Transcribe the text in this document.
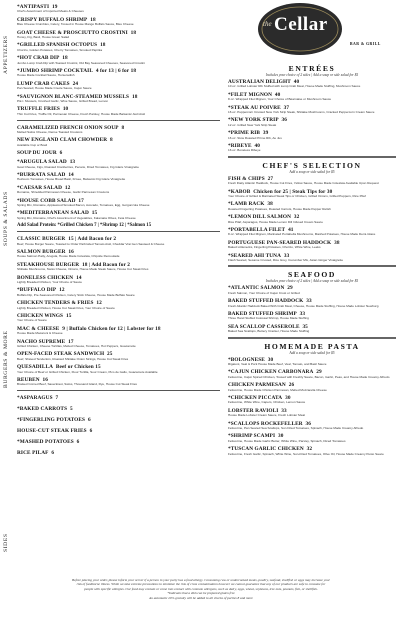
APPETIZERS
SOUPS & SALADS
BURGERS & MORE
SIDES
*ANTIPASTI 19
Chef's Assortment of Imported Meats & Cheeses
CRISPY BUFFALO SHRIMP 18
Bleu Cheese Crumbles, Celery, Tossed in House Mango Buffalo Sauce, Bleu Cheese
GOAT CHEESE & PROSCIUTTO CROSTINI 18
Honey, Fig, Basil, House Green Salad
*GRILLED SPANISH OCTOPUS 18
Chorizo, Golden Potatoes, Cherry Tomatoes, Smoked Paprika
*HOT CRAB DIP 18
Jumbo Lump Crab Dip with Toasted Crostini, Old Bay Seasoned Cheeses, Seasoned Crostini
*JUMBO SHRIMP COCKTAIL 4 for 13 | 6 for 18
House Made Cocktail Sauce, Horseradish
LUMP CRAB CAKES 24
Pan Seared, House Made Creole Sauce, Cajun Sauce
*SAUVIGNON BLANC-STEAMED MUSSELS 18
P.E.I. Mussels, Crushed Garlic, Wine Sauce, Grilled Bread, Lemon
TRUFFLE FRIES 10
Thin Cut Fries, Truffle Oil, Parmesan Cheese, Fresh Parsley, House Made Balsamic Aioli Aioli
CARAMELIZED FRENCH ONION SOUP 8
Melted Swiss Cheese, Dense Toasted Croutons
NEW ENGLAND CLAM CHOWDER 8
Available Cup or Bowl
SOUP DU JOUR 6
*ARUGULA SALAD 13
Goat Cheese, Figs, Roasted Cranberries, Pecans, Dried Tomatoes, Fig Glaze Vinaigrette
*BURRATA SALAD 14
Heirloom Tomatoes, House Bread Basil, Frisee, Balsamic Fig Glaze Vinaigrette
*CAESAR SALAD 12
Romaine, Shredded Parmesan Cheese, Garlic Parmesan Croutons
*HOUSE COBB SALAD 17
Spring Mix, Romaine, Applewood Smoked Bacon, Avocado, Tomatoes, Egg, Gorgonzola Cheese
*MEDITERRANEAN SALAD 15
Spring Mix, Romaine, Chef's Assortment of Vegetables, Kalamata Olives, Feta Cheese
Add Salad Protein: *Grilled Chicken 7 | *Shrimp 12 | *Salmon 15
CLASSIC BURGER 15 | Add Bacon for 2
Beef, House Burger Sauce, Toasted to Order Parbroiled Tomato Aioli, Cheddar Vrai Gen Sauteed & Cheese
SALMON BURGER 16
House Salmon Patty, Arugula, House Made Coleslaw, Chipotle Remoulade
STEAKHOUSE BURGER 18 | Add Bacon for 2
Shiitake Mushrooms, Swiss Cheese, Onions, House Made Steak Sauce, House Cut Steak Fries
BONELESS CHICKEN 14
Lightly Breaded Chicken, Your Choice of Sauce
*BUFFALO DIP 12
Buffalo Dip, Pre-Seasoned Chicken, Celery Stick Cheese, House Made Buffalo Sauce
CHICKEN TENDERS & FRIES 12
Lightly Breaded Chicken, House Cut Steak Fries, Your Choice of Sauce
CHICKEN WINGS 15
Your Choice of Sauce
MAC & CHEESE 9 | Buffalo Chicken for 12 | Lobster for 18
House Made Macaroni & Cheese
NACHO SUPREME 17
Grilled Chicken, Cheese Tortillas, Melted Cheese, Tomatoes, Hot Peppers, Guacamole
OPEN-FACED STEAK SANDWICH 25
Beef, Shaved Tenderloin, Roasted Shiitake Onion Strings, House Cut Steak Fries
QUESADILLA Beef or Chicken 15
Your Choice of Beef or Grilled Chicken, Flour Tortilla, Sour Cream, Pico de Gallo, Guacamole Available
REUBEN 16
Braised Corned Beef, Sauerkraut, Swiss, Thousand Island, Rye, House Cut Steak Fries
*ASPARAGUS 7
*BAKED CARROTS 5
*FINGERLING POTATOES 6
HOUSE-CUT STEAK FRIES 6
*MASHED POTATOES 6
RICE PILAF 6
the Cellar
BAR & GRILL
ENTRÉES
Includes your choice of 2 sides | Add a soup or side salad for $5
AUSTRALIAN DELIGHT 40
10 oz. Grilled Lobster Rib Stuffed with Lump Crab Meat, House Made Stuffing, Mushroom Sauce
*FILET MIGNON 40
8 oz. Wrapped Filet Mignon, Your Choice of Béarnaise or Mushroom Sauce
*STEAK AU POIVRE 37
16 oz. Peppercorn Crusted New York Strip Steak, Shiitake Mushrooms, Cracked Peppercorn Cream Sauce
*NEW YORK STRIP 36
12 oz. Grilled New York Strip Steak
*PRIME RIB 39
16 oz. Slow Roasted Prime Rib, Au Jus
*RIBEYE 40
16 oz. Boneless Ribeye
CHEF'S SELECTION
Add a soup or side salad for $5
FISH & CHIPS 27
Fresh Flaky Atlantic Haddock, House Cut Fries, Yellow Sauce, House Made Coleslaw Available Upon Request
*KABOB Chicken for 25 | Steak Tips for 30
Your Choice of Grilled & Marinated Steak Tips or Chicken, Grilled Onions, Grilled Peppers, Rice Pilaf
*LAMB RACK 38
Roasted Fingerling Potatoes, Roasted Carrots, House Made Pepper Relish
*LEMON DILL SALMON 32
Rice Pilaf, Asparagus, House Made Lemon Dill Infused Cream Sauce
*PORTABELLA FILET 41
8 oz. Wrapped Filet Mignon, Marinated Portabella Mushrooms, Mashed Potatoes, House Made Demi-Glace
PORTUGUESE PAN-SEARED HADDOCK 38
Baked Littlenecks, Fingerling Potatoes, Chorizo, White Wine, Leeks
*SEARED AHI TUNA 33
Flash Seared, Sesame Crusted, Rice Grey, Cucumber Mix, Asian Ginger Vinaigrette
SEAFOOD
Includes your choice of 2 sides | Add a soup or side salad for $5
*ATLANTIC SALMON 29
Fresh Salmon, Your Choice of Cajun Crust or Grilled
BAKED STUFFED HADDOCK 33
Fresh Atlantic Haddock Baked With Crab Meat, Cheese, House Made Stuffing, House Made Lobster Newburg
BAKED STUFFED SHRIMP 33
Three Hand Stuffed Colossal Shrimp, House Made Stuffing
SEA SCALLOP CASSEROLE 35
Baked Sea Scallops, Buttery Cracker, House Made Stuffing
HOMEMADE PASTA
Add a soup or side salad for $5
*BOLOGNESE 30
Rigatoni, Veal & Pork House Made Beef, Veal, Tomato, and Basil Sauce
*CAJUN CHICKEN CARBONARA 29
Fettuccine, Cajun Spiced Chicken, Tossed with Freshly Sauce, Bacon, Garlic, Peas, and House Made Creamy Alfredo
CHICKEN PARMESAN 26
Fettuccine, House Made Chicken Parmesan, Melted Mozzarella Cheese
*CHICKEN PICCATA 30
Fettuccine, White Wine, Capers, Chicken, Lemon Sauce
LOBSTER RAVIOLI 33
House Made Lobster Cream Sauce, Fresh Lobster Meat
*SCALLOPS ROCKEFELLER 36
Fettuccine, Pan Seared Sea Scallops, Sun Dried Tomatoes, Spinach, House Made Creamy Alfredo
*SHRIMP SCAMPI 30
Fettuccine, House Made Garlic Butter, White Wine, Parsley, Spinach, Diced Tomatoes
*TUSCAN GARLIC CHICKEN 32
Fettuccine, Fresh Garlic, Spinach, White Wine, Sun-Dried Tomatoes, Olive Oil, House Made Creamy Pesto Sauce
Before placing your order, please inform your server if a person in your party has a food allergy. Consuming raw or undercooked meats, poultry, seafood, shellfish or eggs may increase your
risk of foodborne illness. While we take extreme precautions to minimize the risk of cross contamination however we cannot guarantee that any of our products are safe to consume for
people with specific allergies. Our food may contain or come into contact with common allergens, such as dairy, eggs, wheat, soybeans, tree nuts, peanuts, fish, or shellfish.
*Indicates that a dish can be prepared gluten free
An automatic 20% gratuity will be added to all checks of parties 8 and more
